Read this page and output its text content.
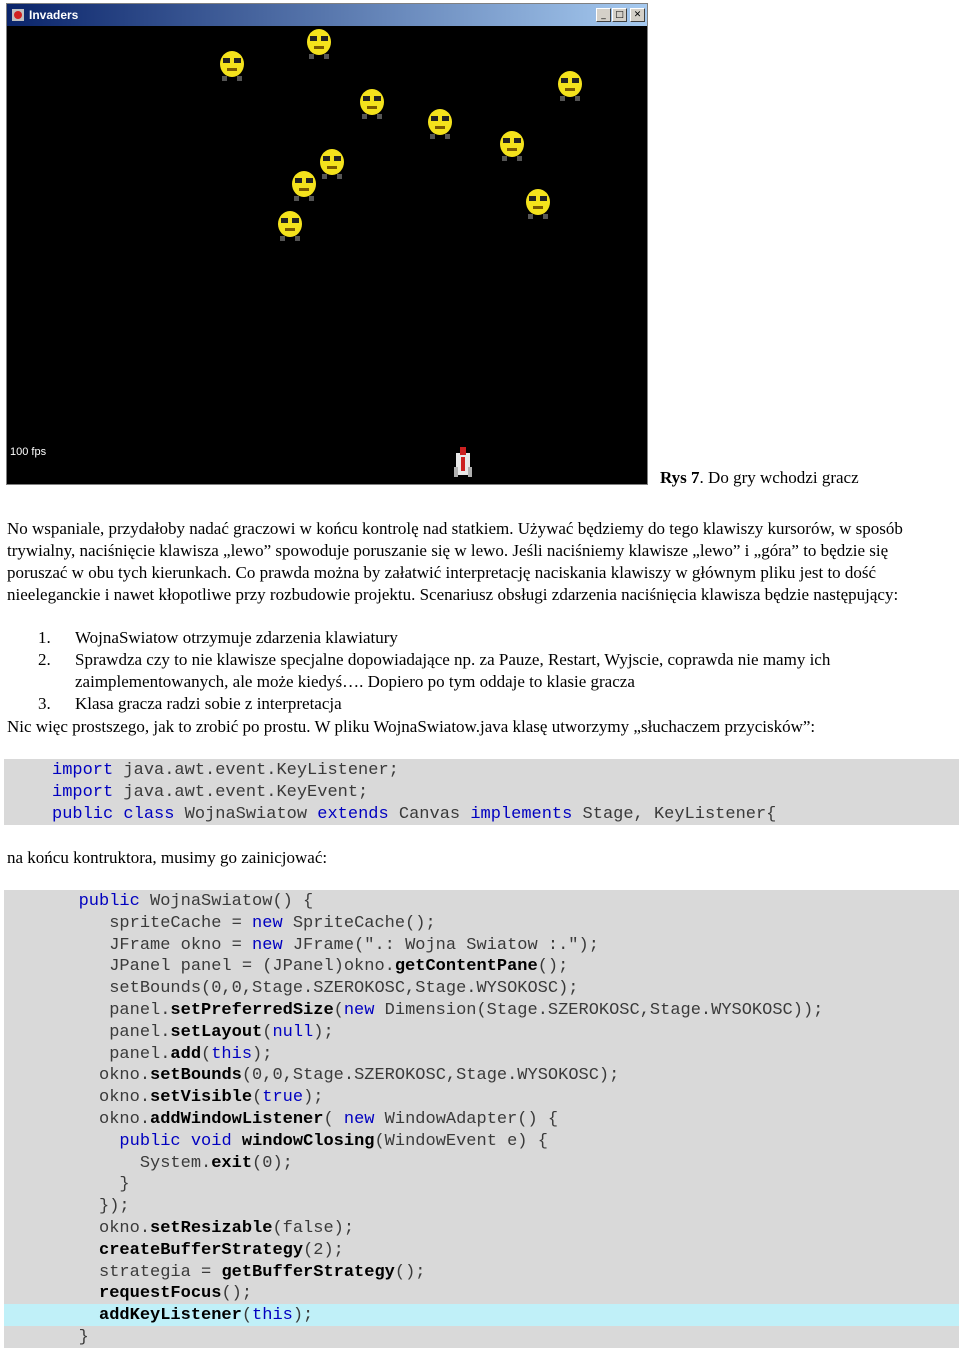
Invaders	_	□	✕
100 fps
Rys 7. Do gry wchodzi gracz

No wspaniale, przydałoby nadać graczowi w końcu kontrolę nad statkiem. Używać będziemy do tego klawiszy kursorów, w sposób trywialny, naciśnięcie klawisza „lewo” spowoduje poruszanie się w lewo. Jeśli naciśniemy klawisze „lewo” i „góra” to będzie się poruszać w obu tych kierunkach. Co prawda można by załatwić interpretację naciskania klawiszy w głównym pliku jest to dość nieeleganckie i nawet kłopotliwe przy rozbudowie projektu. Scenariusz obsługi zdarzenia naciśnięcia klawisza będzie następujący:

1. WojnaSwiatow otrzymuje zdarzenia klawiatury
2. Sprawdza czy to nie klawisze specjalne dopowiadające np. za Pauze, Restart, Wyjscie, coprawda nie mamy ich zaimplementowanych, ale może kiedyś…. Dopiero po tym oddaje to klasie gracza
3. Klasa gracza radzi sobie z interpretacja

Nic więc prostszego, jak to zrobić po prostu. W pliku WojnaSwiatow.java klasę utworzymy „słuchaczem przycisków”:

import java.awt.event.KeyListener;
import java.awt.event.KeyEvent;
public class WojnaSwiatow extends Canvas implements Stage, KeyListener{

na końcu kontruktora, musimy go zainicjować:

public WojnaSwiatow() {
spriteCache = new SpriteCache();
JFrame okno = new JFrame(".: Wojna Swiatow :.");
JPanel panel = (JPanel)okno.getContentPane();
setBounds(0,0,Stage.SZEROKOSC,Stage.WYSOKOSC);
panel.setPreferredSize(new Dimension(Stage.SZEROKOSC,Stage.WYSOKOSC));
panel.setLayout(null);
panel.add(this);
okno.setBounds(0,0,Stage.SZEROKOSC,Stage.WYSOKOSC);
okno.setVisible(true);
okno.addWindowListener( new WindowAdapter() {
public void windowClosing(WindowEvent e) {
System.exit(0);
}
});
okno.setResizable(false);
createBufferStrategy(2);
strategia = getBufferStrategy();
requestFocus();
addKeyListener(this);
}
